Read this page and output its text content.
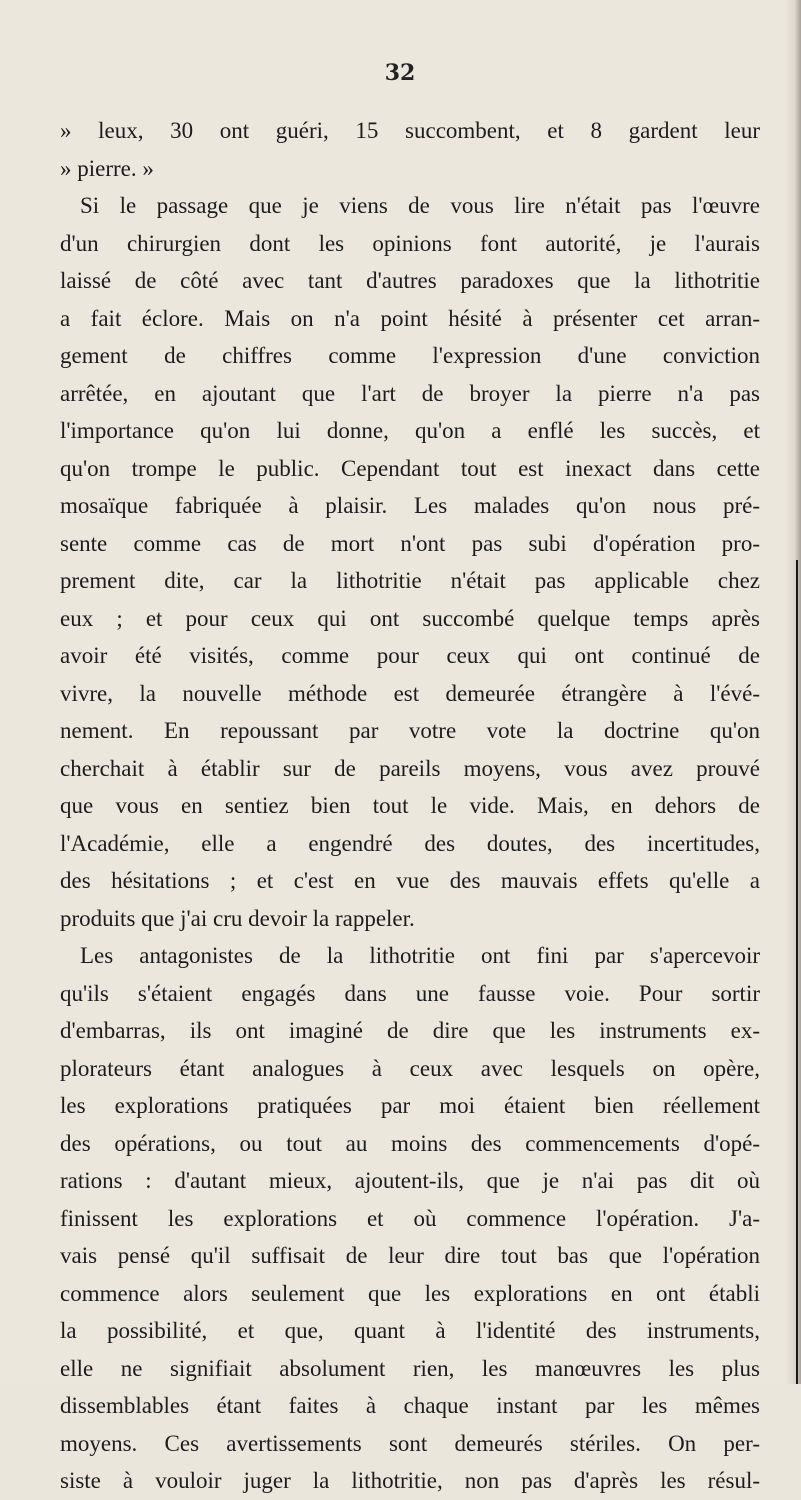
32
» leux, 30 ont guéri, 15 succombent, et 8 gardent leur
» pierre. »
Si le passage que je viens de vous lire n'était pas l'œuvre
d'un chirurgien dont les opinions font autorité, je l'aurais
laissé de côté avec tant d'autres paradoxes que la lithotritie
a fait éclore. Mais on n'a point hésité à présenter cet arran-
gement de chiffres comme l'expression d'une conviction
arrêtée, en ajoutant que l'art de broyer la pierre n'a pas
l'importance qu'on lui donne, qu'on a enflé les succès, et
qu'on trompe le public. Cependant tout est inexact dans cette
mosaïque fabriquée à plaisir. Les malades qu'on nous pré-
sente comme cas de mort n'ont pas subi d'opération pro-
prement dite, car la lithotritie n'était pas applicable chez
eux ; et pour ceux qui ont succombé quelque temps après
avoir été visités, comme pour ceux qui ont continué de
vivre, la nouvelle méthode est demeurée étrangère à l'évé-
nement. En repoussant par votre vote la doctrine qu'on
cherchait à établir sur de pareils moyens, vous avez prouvé
que vous en sentiez bien tout le vide. Mais, en dehors de
l'Académie, elle a engendré des doutes, des incertitudes,
des hésitations ; et c'est en vue des mauvais effets qu'elle a
produits que j'ai cru devoir la rappeler.
Les antagonistes de la lithotritie ont fini par s'apercevoir
qu'ils s'étaient engagés dans une fausse voie. Pour sortir
d'embarras, ils ont imaginé de dire que les instruments ex-
plorateurs étant analogues à ceux avec lesquels on opère,
les explorations pratiquées par moi étaient bien réellement
des opérations, ou tout au moins des commencements d'opé-
rations : d'autant mieux, ajoutent-ils, que je n'ai pas dit où
finissent les explorations et où commence l'opération. J'a-
vais pensé qu'il suffisait de leur dire tout bas que l'opération
commence alors seulement que les explorations en ont établi
la possibilité, et que, quant à l'identité des instruments,
elle ne signifiait absolument rien, les manœuvres les plus
dissemblables étant faites à chaque instant par les mêmes
moyens. Ces avertissements sont demeurés stériles. On per-
siste à vouloir juger la lithotritie, non pas d'après les résul-
